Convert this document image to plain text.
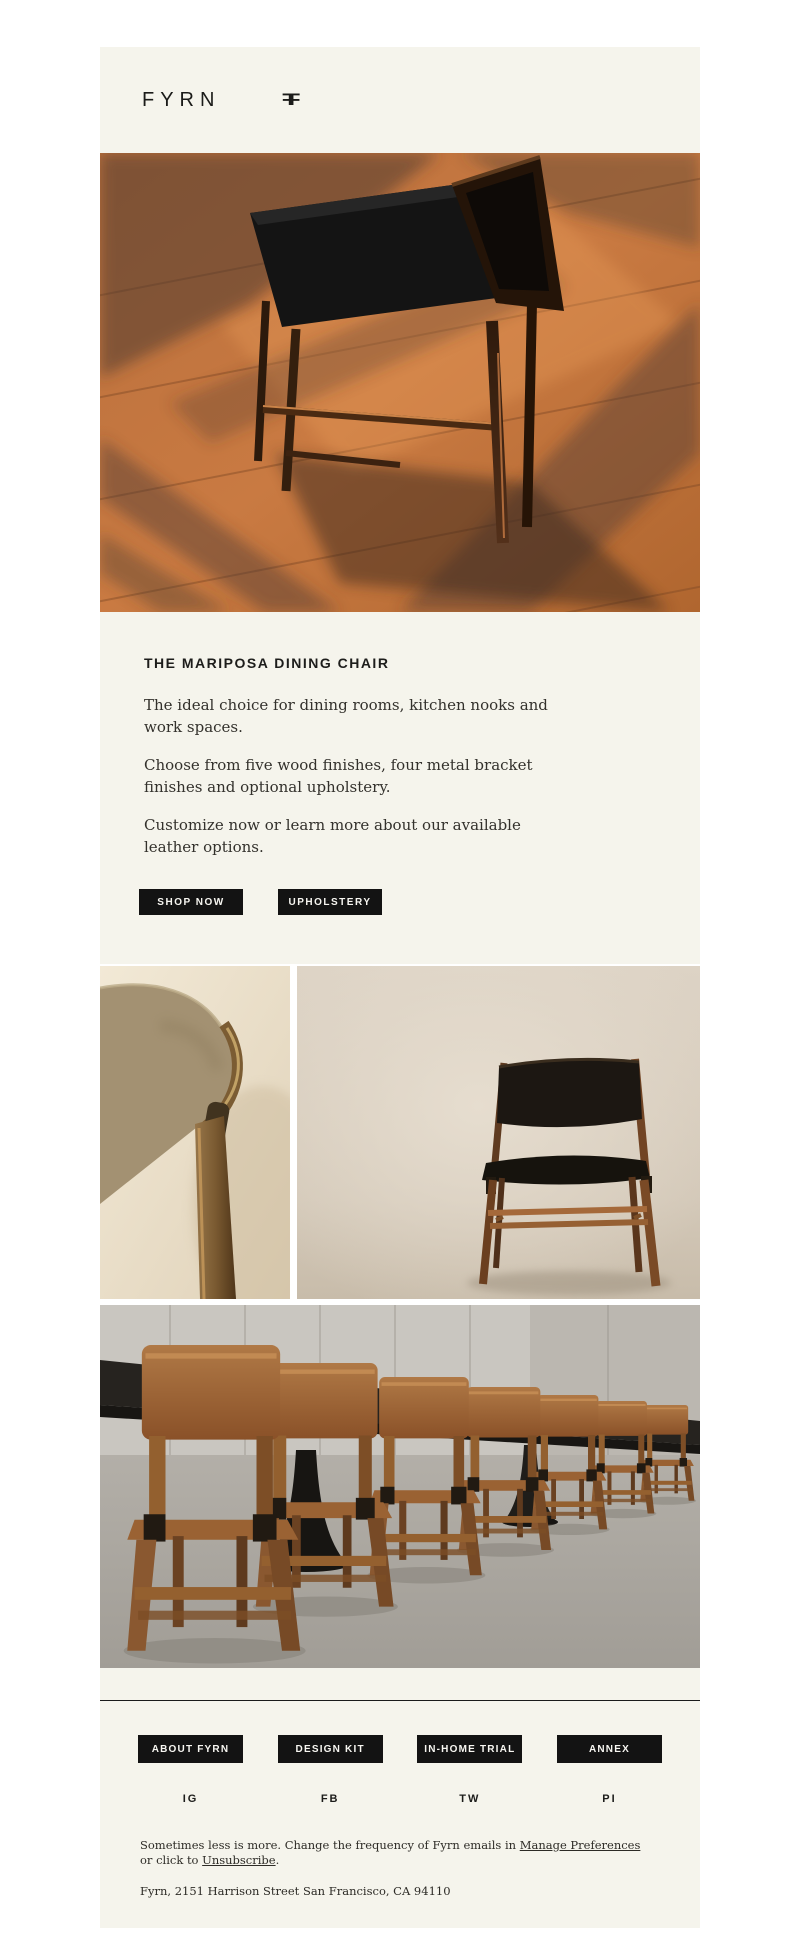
FYRN	F
F
THE MARIPOSA DINING CHAIR

The ideal choice for dining rooms, kitchen nooks and work spaces.

Choose from five wood finishes, four metal bracket finishes and optional upholstery.

Customize now or learn more about our available leather options.

SHOP NOW	UPHOLSTERY
ABOUT FYRN	DESIGN KIT	IN-HOME TRIAL	ANNEX
IG	FB	TW	PI
Sometimes less is more. Change the frequency of Fyrn emails in Manage Preferences
or click to Unsubscribe.
Fyrn, 2151 Harrison Street San Francisco, CA 94110
